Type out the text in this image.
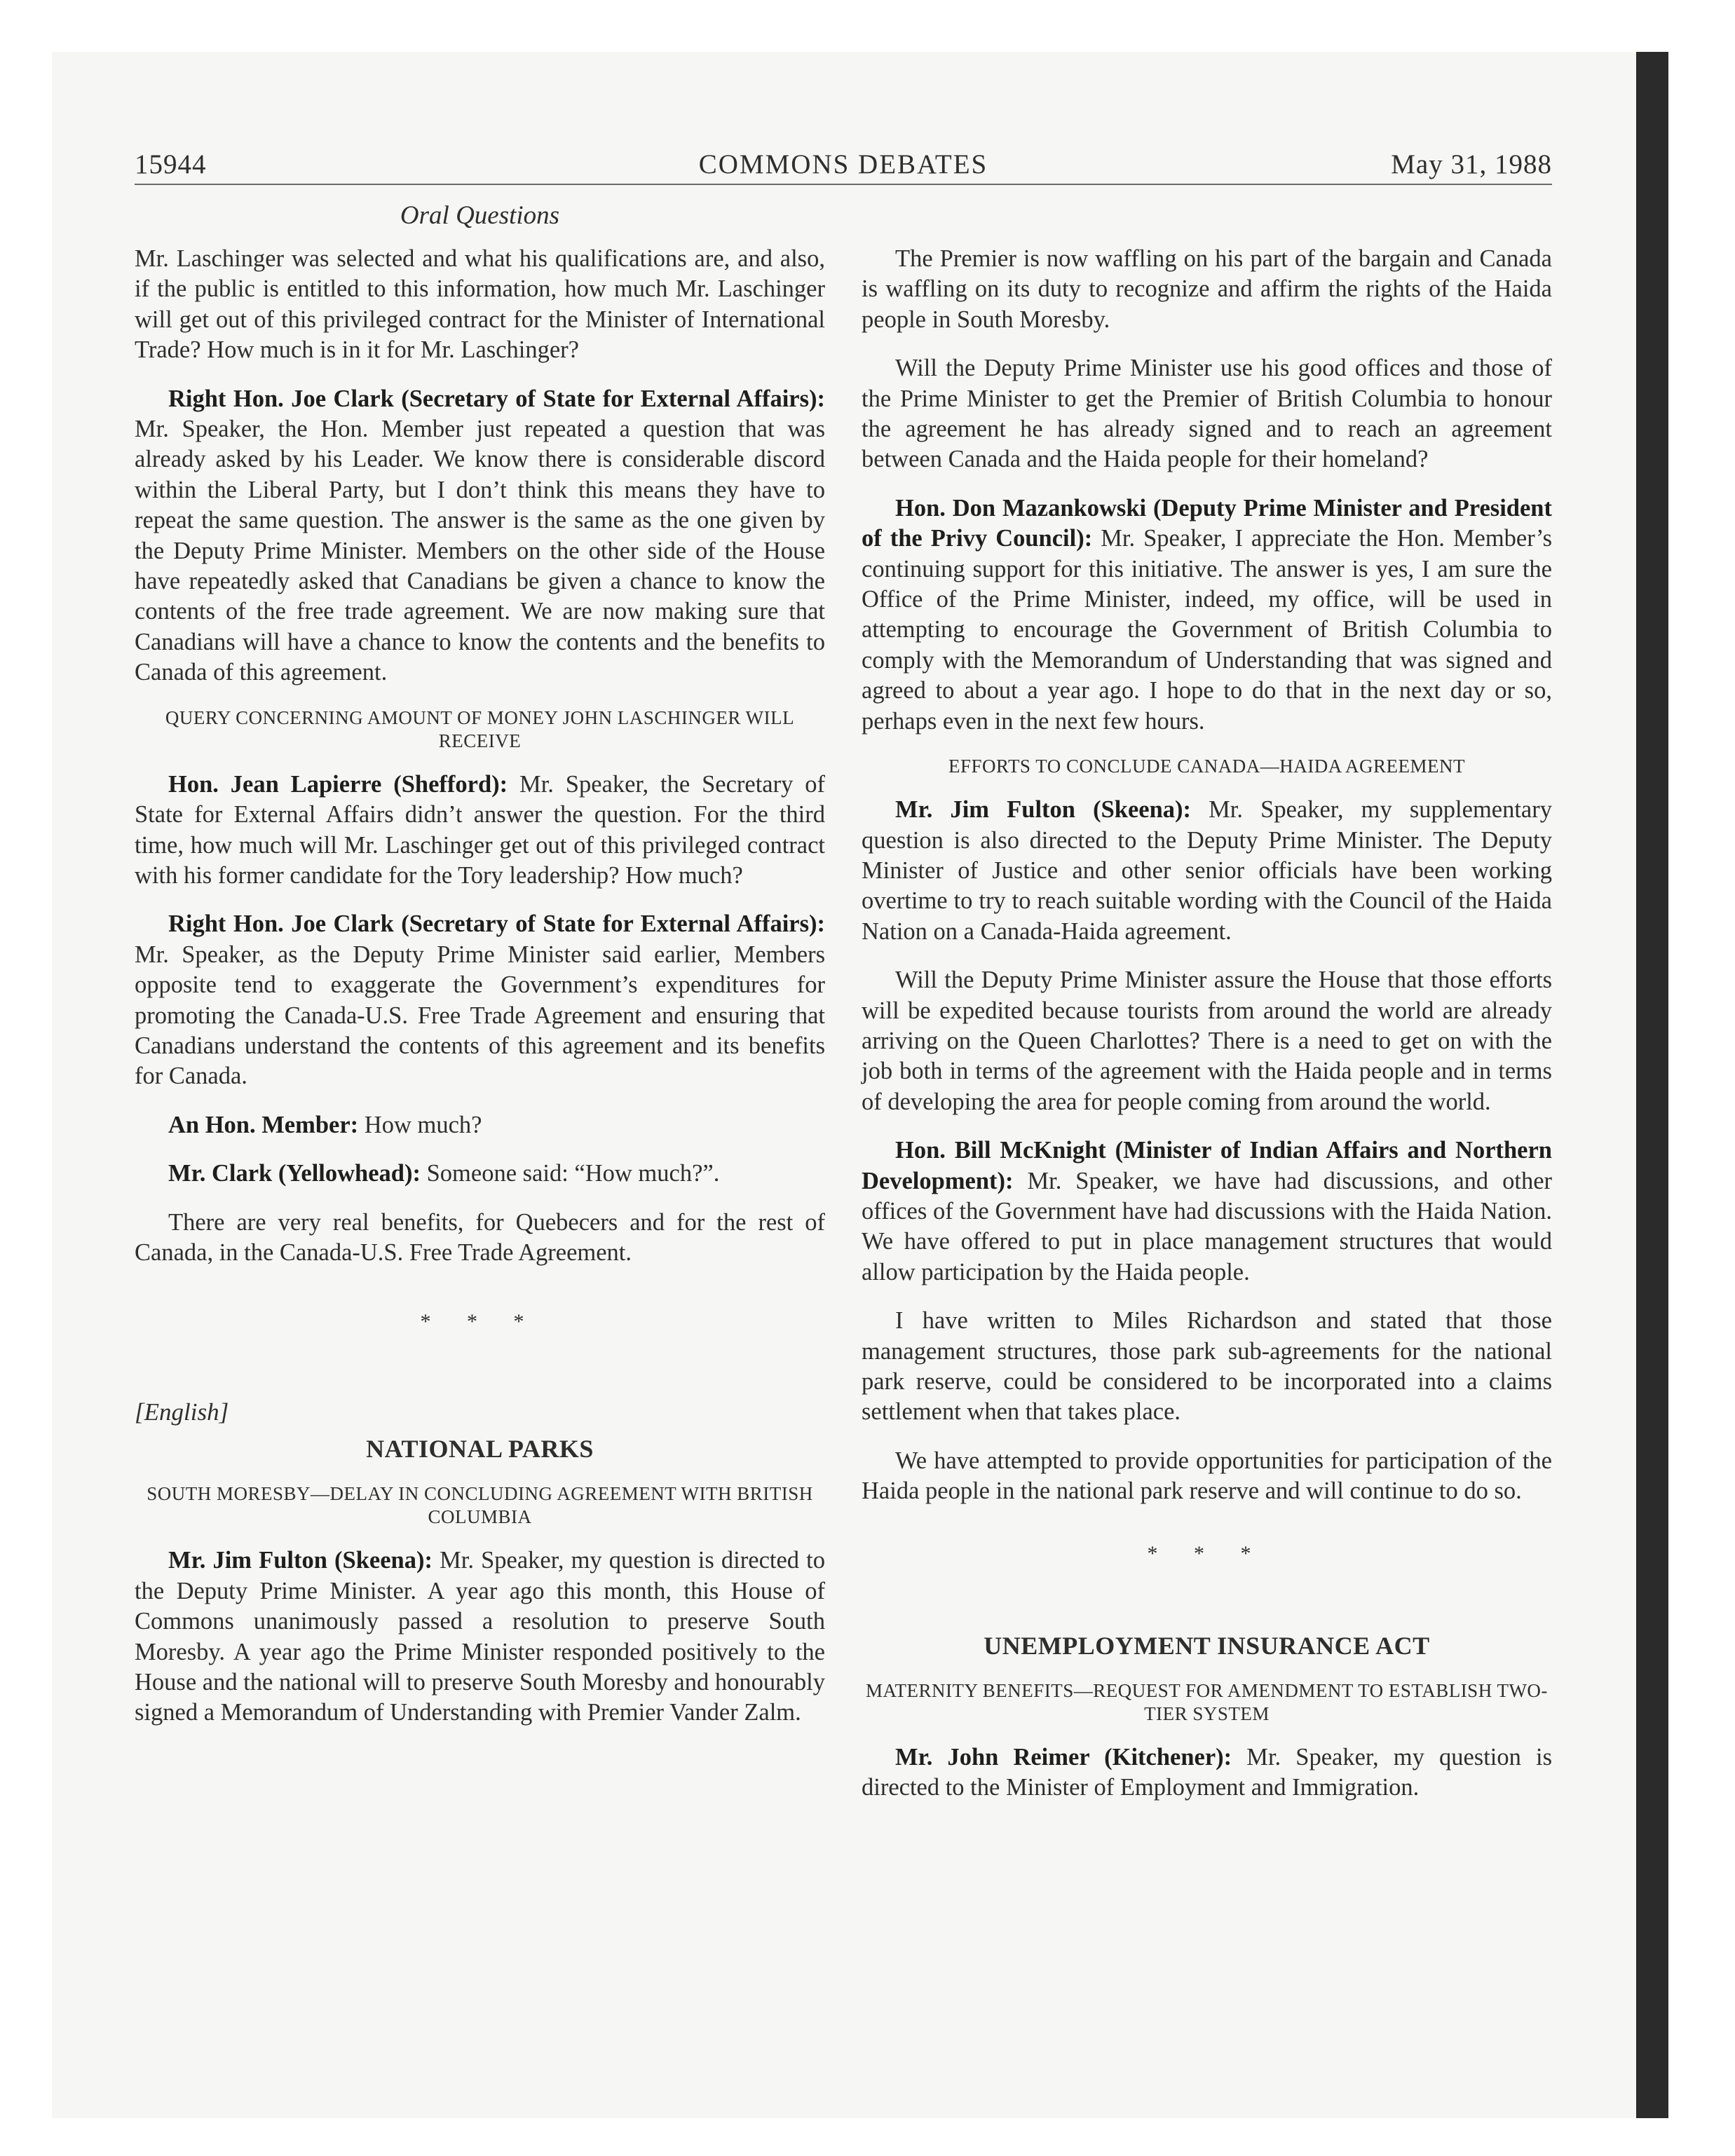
15944	COMMONS DEBATES	May 31, 1988
Oral Questions

Mr. Laschinger was selected and what his qualifications are, and also, if the public is entitled to this information, how much Mr. Laschinger will get out of this privileged contract for the Minister of International Trade? How much is in it for Mr. Laschinger?

Right Hon. Joe Clark (Secretary of State for External Affairs): Mr. Speaker, the Hon. Member just repeated a question that was already asked by his Leader. We know there is considerable discord within the Liberal Party, but I don’t think this means they have to repeat the same question. The answer is the same as the one given by the Deputy Prime Minister. Members on the other side of the House have repeatedly asked that Canadians be given a chance to know the contents of the free trade agreement. We are now making sure that Canadians will have a chance to know the contents and the benefits to Canada of this agreement.

QUERY CONCERNING AMOUNT OF MONEY JOHN LASCHINGER WILL RECEIVE

Hon. Jean Lapierre (Shefford): Mr. Speaker, the Secretary of State for External Affairs didn’t answer the question. For the third time, how much will Mr. Laschinger get out of this privileged contract with his former candidate for the Tory leadership? How much?

Right Hon. Joe Clark (Secretary of State for External Affairs): Mr. Speaker, as the Deputy Prime Minister said earlier, Members opposite tend to exaggerate the Government’s expenditures for promoting the Canada-U.S. Free Trade Agreement and ensuring that Canadians understand the contents of this agreement and its benefits for Canada.

An Hon. Member: How much?

Mr. Clark (Yellowhead): Someone said: “How much?”.

There are very real benefits, for Quebecers and for the rest of Canada, in the Canada-U.S. Free Trade Agreement.

* * *
[English]
NATIONAL PARKS
SOUTH MORESBY—DELAY IN CONCLUDING AGREEMENT WITH BRITISH COLUMBIA

Mr. Jim Fulton (Skeena): Mr. Speaker, my question is directed to the Deputy Prime Minister. A year ago this month, this House of Commons unanimously passed a resolution to preserve South Moresby. A year ago the Prime Minister responded positively to the House and the national will to preserve South Moresby and honourably signed a Memorandum of Understanding with Premier Vander Zalm.

The Premier is now waffling on his part of the bargain and Canada is waffling on its duty to recognize and affirm the rights of the Haida people in South Moresby.

Will the Deputy Prime Minister use his good offices and those of the Prime Minister to get the Premier of British Columbia to honour the agreement he has already signed and to reach an agreement between Canada and the Haida people for their homeland?

Hon. Don Mazankowski (Deputy Prime Minister and President of the Privy Council): Mr. Speaker, I appreciate the Hon. Member’s continuing support for this initiative. The answer is yes, I am sure the Office of the Prime Minister, indeed, my office, will be used in attempting to encourage the Government of British Columbia to comply with the Memorandum of Understanding that was signed and agreed to about a year ago. I hope to do that in the next day or so, perhaps even in the next few hours.

EFFORTS TO CONCLUDE CANADA—HAIDA AGREEMENT

Mr. Jim Fulton (Skeena): Mr. Speaker, my supplementary question is also directed to the Deputy Prime Minister. The Deputy Minister of Justice and other senior officials have been working overtime to try to reach suitable wording with the Council of the Haida Nation on a Canada-Haida agreement.

Will the Deputy Prime Minister assure the House that those efforts will be expedited because tourists from around the world are already arriving on the Queen Charlottes? There is a need to get on with the job both in terms of the agreement with the Haida people and in terms of developing the area for people coming from around the world.

Hon. Bill McKnight (Minister of Indian Affairs and Northern Development): Mr. Speaker, we have had discussions, and other offices of the Government have had discussions with the Haida Nation. We have offered to put in place management structures that would allow participation by the Haida people.

I have written to Miles Richardson and stated that those management structures, those park sub-agreements for the national park reserve, could be considered to be incorporated into a claims settlement when that takes place.

We have attempted to provide opportunities for participation of the Haida people in the national park reserve and will continue to do so.

* * *
UNEMPLOYMENT INSURANCE ACT
MATERNITY BENEFITS—REQUEST FOR AMENDMENT TO ESTABLISH TWO-TIER SYSTEM

Mr. John Reimer (Kitchener): Mr. Speaker, my question is directed to the Minister of Employment and Immigration.
